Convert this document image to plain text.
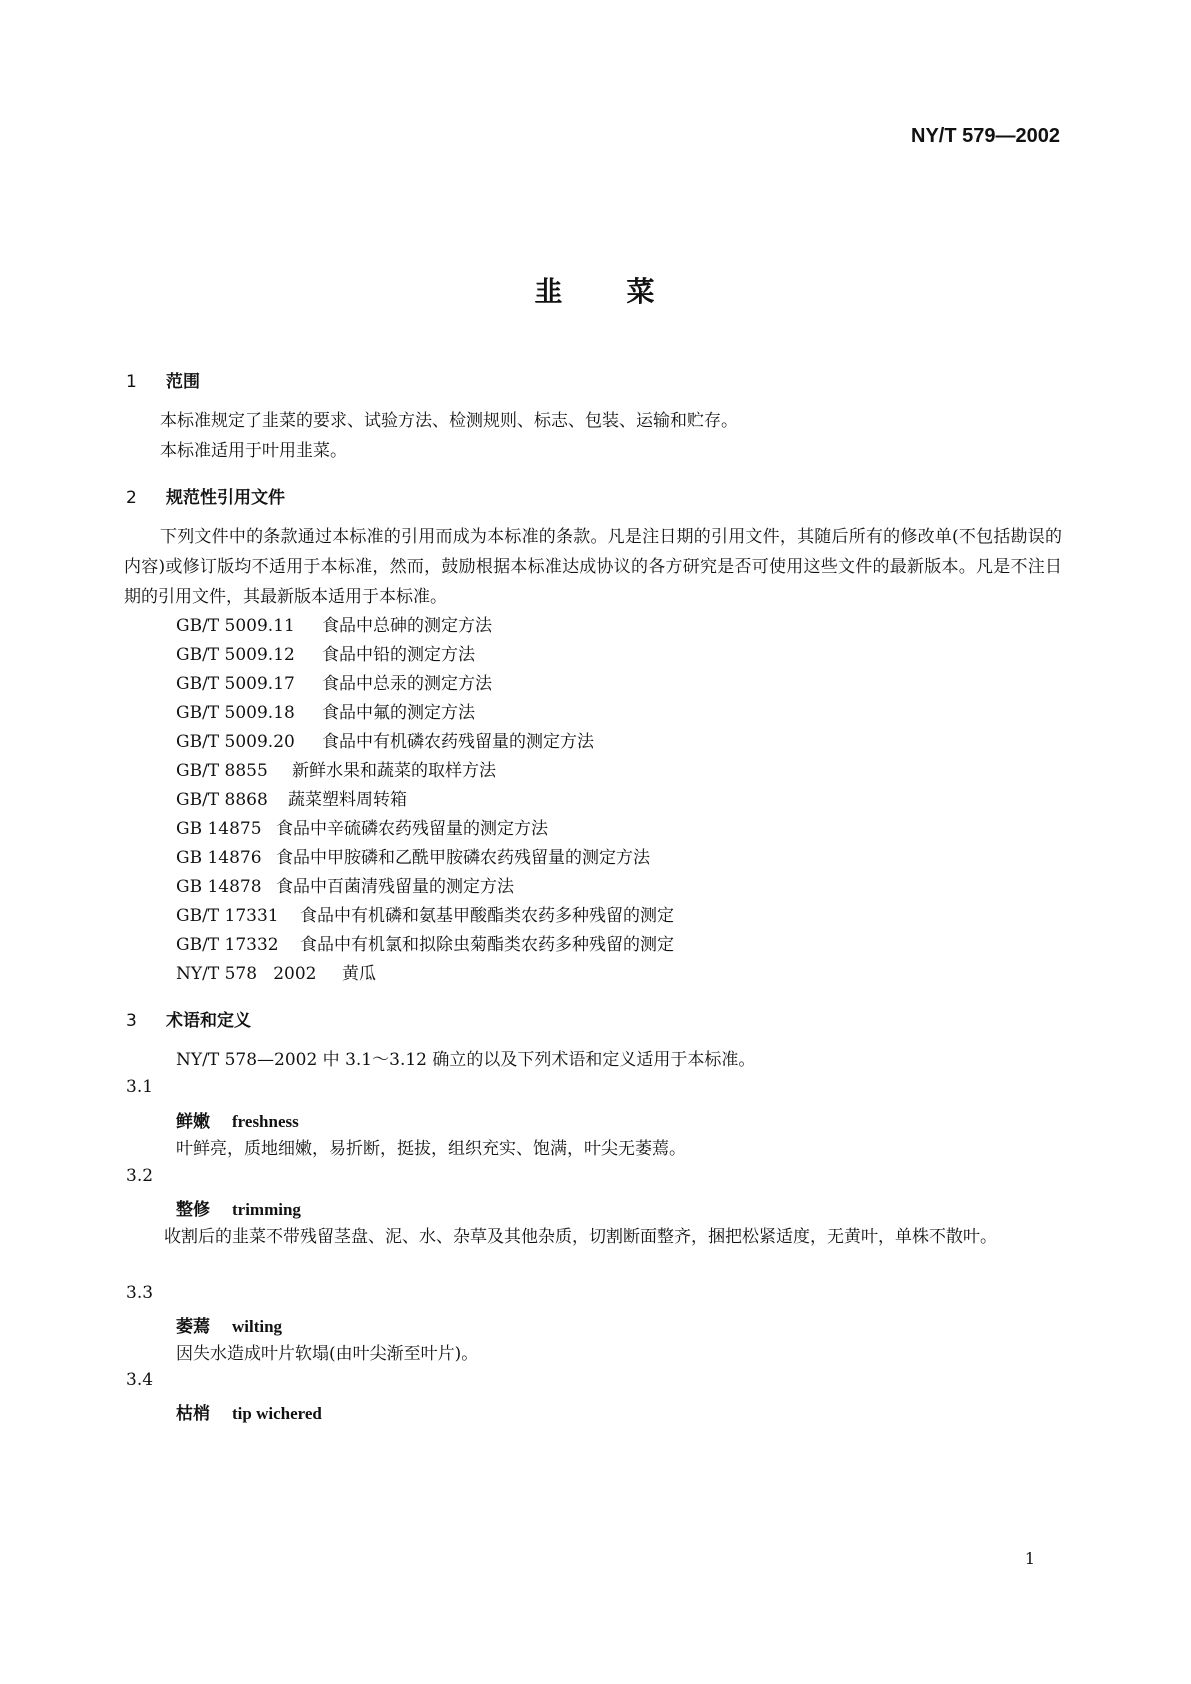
NY/T 579—2002
韭 菜
1 范围
本标准规定了韭菜的要求、试验方法、检测规则、标志、包装、运输和贮存。
本标准适用于叶用韭菜。
2 规范性引用文件
下列文件中的条款通过本标准的引用而成为本标准的条款。凡是注日期的引用文件，其随后所有的修改单(不包括勘误的内容)或修订版均不适用于本标准，然而，鼓励根据本标准达成协议的各方研究是否可使用这些文件的最新版本。凡是不注日期的引用文件，其最新版本适用于本标准。
GB/T 5009.11 食品中总砷的测定方法
GB/T 5009.12 食品中铅的测定方法
GB/T 5009.17 食品中总汞的测定方法
GB/T 5009.18 食品中氟的测定方法
GB/T 5009.20 食品中有机磷农药残留量的测定方法
GB/T 8855 新鲜水果和蔬菜的取样方法
GB/T 8868 蔬菜塑料周转箱
GB 14875 食品中辛硫磷农药残留量的测定方法
GB 14876 食品中甲胺磷和乙酰甲胺磷农药残留量的测定方法
GB 14878 食品中百菌清残留量的测定方法
GB/T 17331 食品中有机磷和氨基甲酸酯类农药多种残留的测定
GB/T 17332 食品中有机氯和拟除虫菊酯类农药多种残留的测定
NY/T 578   2002 黄瓜
3 术语和定义
NY/T 578—2002 中 3.1～3.12 确立的以及下列术语和定义适用于本标准。
3.1
鲜嫩 freshness
叶鲜亮，质地细嫩，易折断，挺拔，组织充实、饱满，叶尖无萎蔫。
3.2
整修 trimming
收割后的韭菜不带残留茎盘、泥、水、杂草及其他杂质，切割断面整齐，捆把松紧适度，无黄叶，单株不散叶。
3.3
萎蔫 wilting
因失水造成叶片软塌(由叶尖渐至叶片)。
3.4
枯梢 tip wichered
1
